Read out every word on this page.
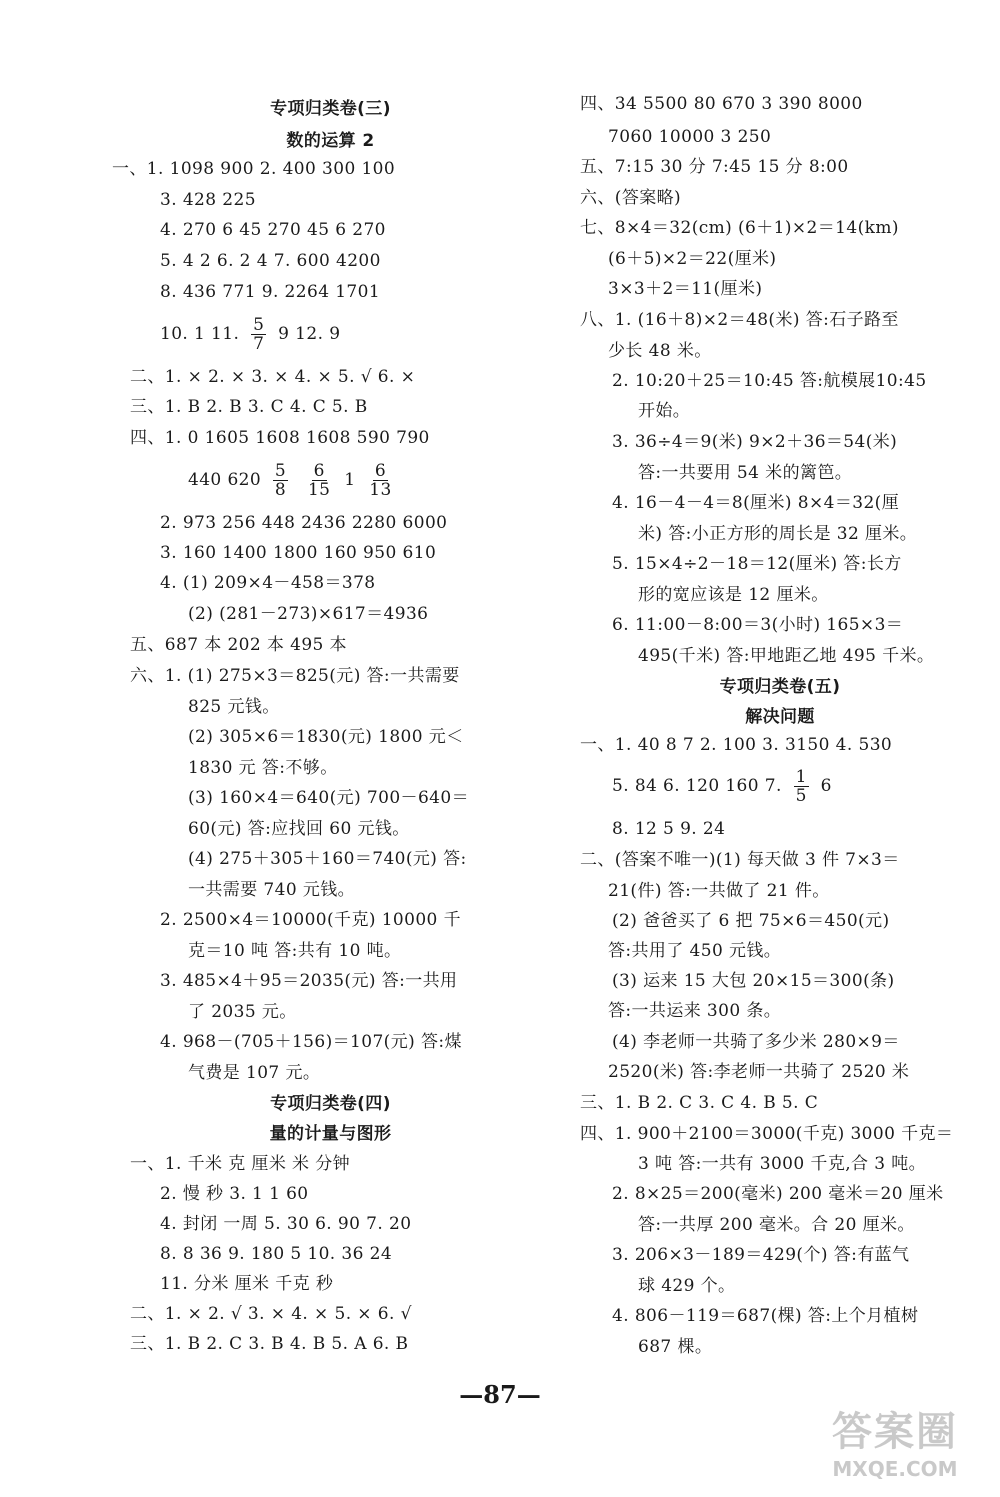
专项归类卷(三)
数的运算 2
一、1. 1098 900 2. 400 300 100
3. 428 225
4. 270 6 45 270 45 6 270
5. 4 2 6. 2 4 7. 600 4200
8. 436 771 9. 2264 1701
10. 1 11. $\frac{5}{7} 9$ 12. 9
二、1. × 2. × 3. × 4. × 5. √ 6. ×
三、1. B 2. B 3. C 4. C 5. B
四、1. 0 1605 1608 1608 590 790
440 $620 \frac{5}{8}$
$\frac{6}{15} 1 \frac{6}{13}$
2. 973 256 448 2436 2280 6000
3. 160 1400 1800 160 950 610
4. (1) 209×4－458＝378
(2) (281－273)×617＝4936
五、687 本 202 本 495 本
六、1. (1) 275×3＝825(元) 答:一共需要
825 元钱。
(2) 305×6＝1830(元) 1800 元＜
1830 元 答:不够。
(3) 160×4＝640(元) 700－640＝
60(元) 答:应找回 60 元钱。
(4) 275＋305＋160＝740(元) 答:
一共需要 740 元钱。
2. 2500×4＝10000(千克) 10000 千
克＝10 吨 答:共有 10 吨。
3. 485×4＋95＝2035(元) 答:一共用
了 2035 元。
4. 968－(705＋156)＝107(元) 答:煤
气费是 107 元。
专项归类卷(四)
量的计量与图形
一、1. 千米 克 厘米 米 分钟
2. 慢 秒 3. 1 1 60
4. 封闭 一周 5. 30 6. 90 7. 20
8. 8 36 9. 180 5 10. 36 24
11. 分米 厘米 千克 秒
二、1. × 2. √ 3. × 4. × 5. × 6. √
三、1. B 2. C 3. B 4. B 5. A 6. B
四、34 5500 80 670 3 390 8000
7060 10000 3 250
五、7:15 30 分 7:45 15 分 8:00
六、(答案略)
七、8×4＝32(cm) (6＋1)×2＝14(km)
(6＋5)×2＝22(厘米)
3×3＋2＝11(厘米)
八、1. (16＋8)×2＝48(米) 答:石子路至
少长 48 米。
2. 10:20＋25＝10:45 答:航模展10:45
开始。
3. 36÷4＝9(米) 9×2＋36＝54(米)
答:一共要用 54 米的篱笆。
4. 16－4－4＝8(厘米) 8×4＝32(厘
米) 答:小正方形的周长是 32 厘米。
5. 15×4÷2－18＝12(厘米) 答:长方
形的宽应该是 12 厘米。
6. 11:00－8:00＝3(小时) 165×3＝
495(千米) 答:甲地距乙地 495 千米。
专项归类卷(五)
解决问题
一、1. 40 8 7 2. 100 3. 3150 4. 530
5. 84 6. 120 160 7. $\frac{1}{5} 6$
8. 12 5 9. 24
二、(答案不唯一)(1) 每天做 3 件 7×3＝
21(件) 答:一共做了 21 件。
(2) 爸爸买了 6 把 75×6＝450(元)
答:共用了 450 元钱。
(3) 运来 15 大包 20×15＝300(条)
答:一共运来 300 条。
(4) 李老师一共骑了多少米 280×9＝
2520(米) 答:李老师一共骑了 2520 米
三、1. B 2. C 3. C 4. B 5. C
四、1. 900＋2100＝3000(千克) 3000 千克＝
3 吨 答:一共有 3000 千克,合 3 吨。
2. 8×25＝200(毫米) 200 毫米＝20 厘米
答:一共厚 200 毫米。合 20 厘米。
3. 206×3－189＝429(个) 答:有蓝气
球 429 个。
4. 806－119＝687(棵) 答:上个月植树
687 棵。
—87—
答案圈
MXQE.COM
